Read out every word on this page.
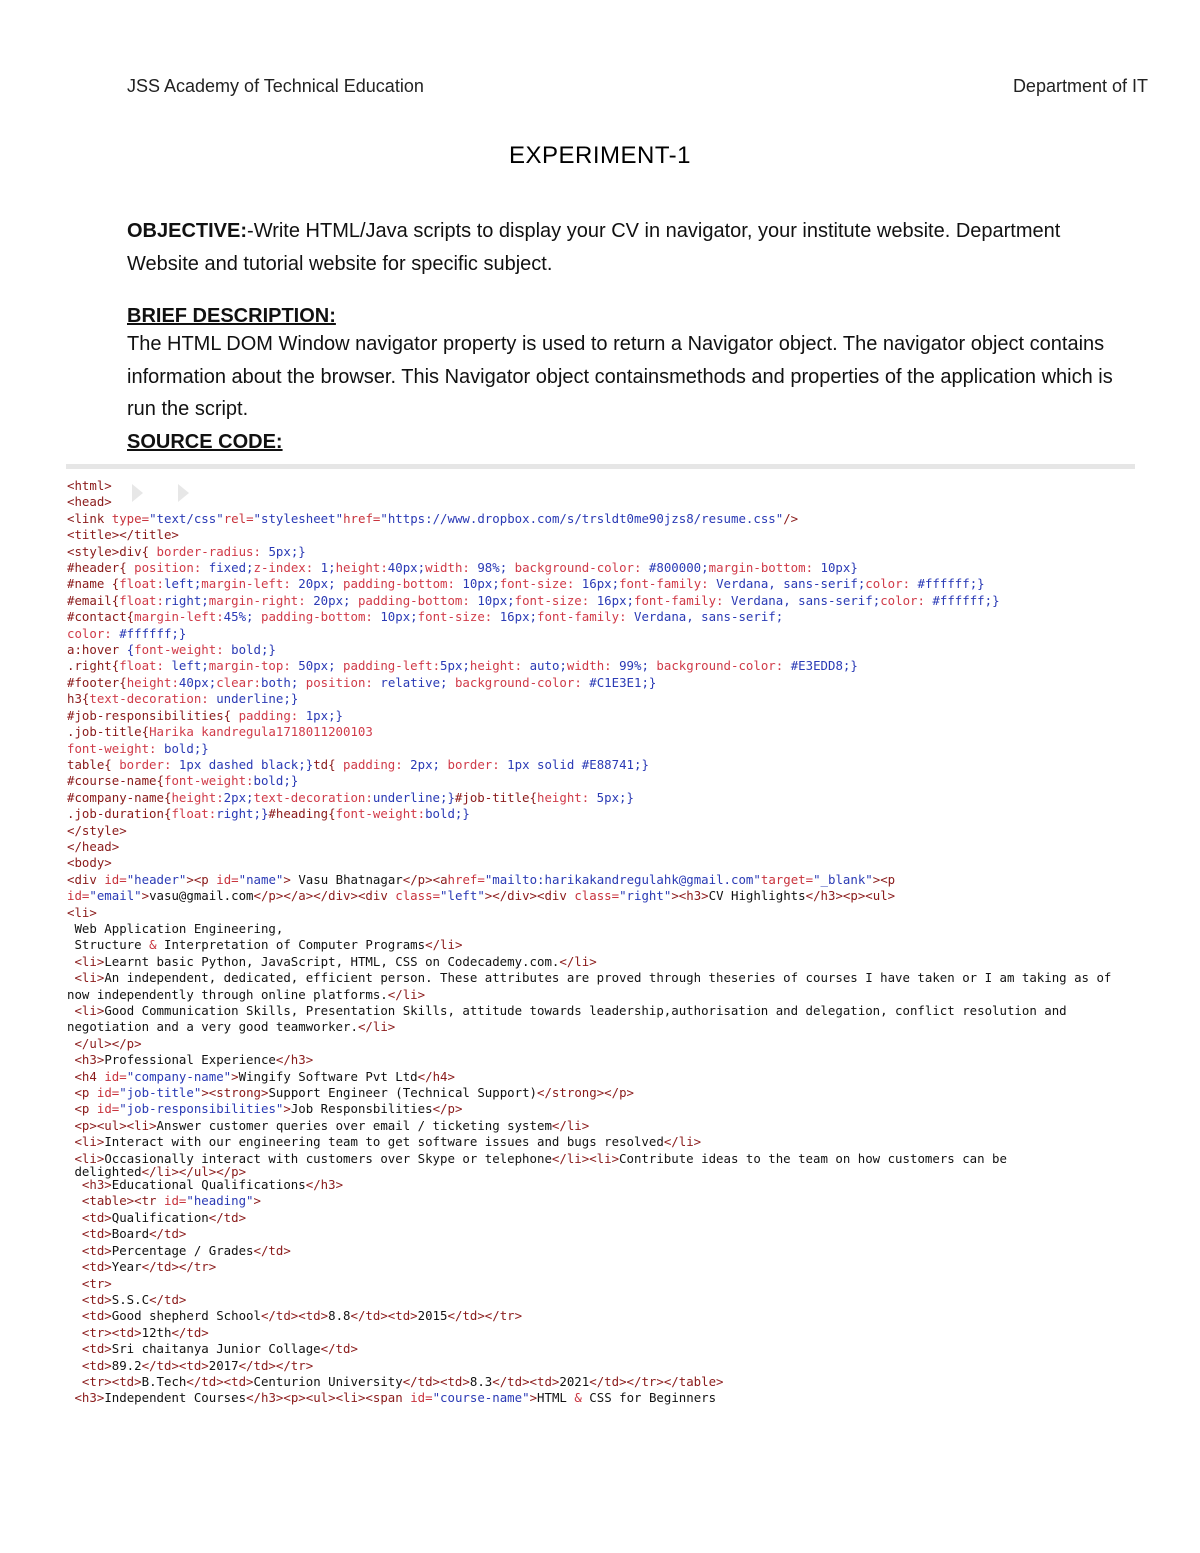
JSS Academy of Technical Education	Department of IT
EXPERIMENT-1
OBJECTIVE:-Write HTML/Java scripts to display your CV in navigator, your institute website. Department Website and tutorial website for specific subject.
BRIEF DESCRIPTION:
The HTML DOM Window navigator property is used to return a Navigator object. The navigator object contains information about the browser. This Navigator object containsmethods and properties of the application which is run the script.
SOURCE CODE:
<html>
<head>
<link type="text/css"rel="stylesheet"href="https://www.dropbox.com/s/trsldt0me90jzs8/resume.css"/>
<title></title>
<style>div{ border-radius: 5px;}
#header{ position: fixed;z-index: 1;height:40px;width: 98%; background-color: #800000;margin-bottom: 10px}
#name {float:left;margin-left: 20px; padding-bottom: 10px;font-size: 16px;font-family: Verdana, sans-serif;color: #ffffff;}
#email{float:right;margin-right: 20px; padding-bottom: 10px;font-size: 16px;font-family: Verdana, sans-serif;color: #ffffff;}
#contact{margin-left:45%; padding-bottom: 10px;font-size: 16px;font-family: Verdana, sans-serif;
color: #ffffff;}
a:hover {font-weight: bold;}
.right{float: left;margin-top: 50px; padding-left:5px;height: auto;width: 99%; background-color: #E3EDD8;}
#footer{height:40px;clear:both; position: relative; background-color: #C1E3E1;}
h3{text-decoration: underline;}
#job-responsibilities{ padding: 1px;}
.job-title{Harika kandregula1718011200103
font-weight: bold;}
table{ border: 1px dashed black;}td{ padding: 2px; border: 1px solid #E88741;}
#course-name{font-weight:bold;}
#company-name{height:2px;text-decoration:underline;}#job-title{height: 5px;}
.job-duration{float:right;}#heading{font-weight:bold;}
</style>
</head>
<body>
<div id="header"><p id="name"> Vasu Bhatnagar</p><ahref="mailto:harikakandregulahk@gmail.com"target="_blank"><p
id="email">vasu@gmail.com</p></a></div><div class="left"></div><div class="right"><h3>CV Highlights</h3><p><ul>
<li>
Web Application Engineering,
Structure & Interpretation of Computer Programs</li>
<li>Learnt basic Python, JavaScript, HTML, CSS on Codecademy.com.</li>
<li>An independent, dedicated, efficient person. These attributes are proved through theseries of courses I have taken or I am taking as of now independently through online platforms.</li>
<li>Good Communication Skills, Presentation Skills, attitude towards leadership,authorisation and delegation, conflict resolution and negotiation and a very good teamworker.</li>
</ul></p>
<h3>Professional Experience</h3>
<h4 id="company-name">Wingify Software Pvt Ltd</h4>
<p id="job-title"><strong>Support Engineer (Technical Support)</strong></p>
<p id="job-responsibilities">Job Responsbilities</p>
<p><ul><li>Answer customer queries over email / ticketing system</li>
<li>Interact with our engineering team to get software issues and bugs resolved</li>
<li>Occasionally interact with customers over Skype or telephone</li><li>Contribute ideas to the team on how customers can be
delighted</li></ul></p>
<h3>Educational Qualifications</h3>
<table><tr id="heading">
<td>Qualification</td>
<td>Board</td>
<td>Percentage / Grades</td>
<td>Year</td></tr>
<tr>
<td>S.S.C</td>
<td>Good shepherd School</td><td>8.8</td><td>2015</td></tr>
<tr><td>12th</td>
<td>Sri chaitanya Junior Collage</td>
<td>89.2</td><td>2017</td></tr>
<tr><td>B.Tech</td><td>Centurion University</td><td>8.3</td><td>2021</td></tr></table>
<h3>Independent Courses</h3><p><ul><li><span id="course-name">HTML & CSS for Beginners
